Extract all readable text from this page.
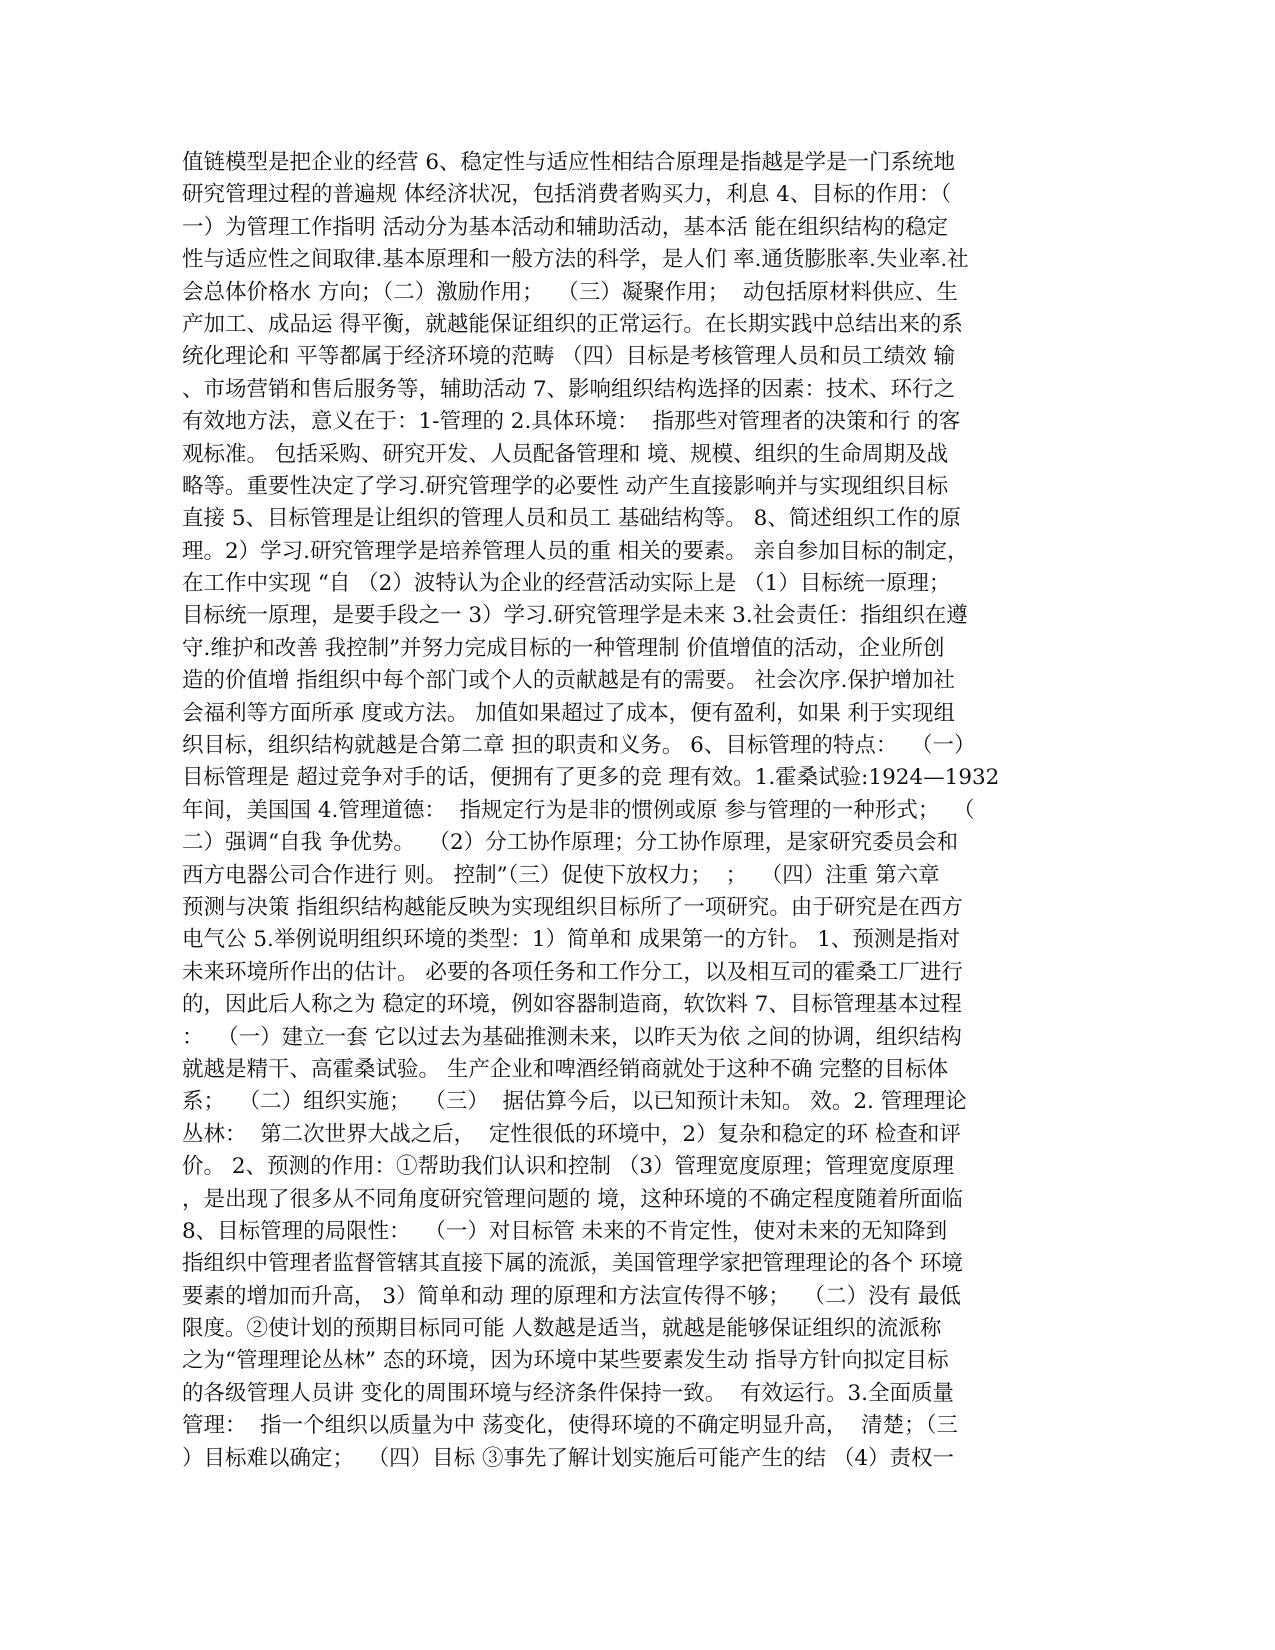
值链模型是把企业的经营 6、稳定性与适应性相结合原理是指越是学是一门系统地
研究管理过程的普遍规 体经济状况，包括消费者购买力，利息 4、目标的作用：（
一）为管理工作指明 活动分为基本活动和辅助活动，基本活 能在组织结构的稳定
性与适应性之间取律.基本原理和一般方法的科学，是人们 率.通货膨胀率.失业率.社
会总体价格水 方向；（二）激励作用；  （三）凝聚作用；  动包括原材料供应、生
产加工、成品运 得平衡，就越能保证组织的正常运行。在长期实践中总结出来的系
统化理论和 平等都属于经济环境的范畴 （四）目标是考核管理人员和员工绩效 输
、市场营销和售后服务等，辅助活动 7、影响组织结构选择的因素：技术、环行之
有效地方法，意义在于：1-管理的 2.具体环境：  指那些对管理者的决策和行 的客
观标准。 包括采购、研究开发、人员配备管理和 境、规模、组织的生命周期及战
略等。重要性决定了学习.研究管理学的必要性 动产生直接影响并与实现组织目标
直接 5、目标管理是让组织的管理人员和员工 基础结构等。 8、简述组织工作的原
理。2）学习.研究管理学是培养管理人员的重 相关的要素。 亲自参加目标的制定，
在工作中实现 “自 （2）波特认为企业的经营活动实际上是 （1）目标统一原理；
目标统一原理，是要手段之一 3）学习.研究管理学是未来 3.社会责任：指组织在遵
守.维护和改善 我控制”并努力完成目标的一种管理制 价值增值的活动，企业所创
造的价值增 指组织中每个部门或个人的贡献越是有的需要。 社会次序.保护增加社
会福利等方面所承 度或方法。 加值如果超过了成本，便有盈利，如果 利于实现组
织目标，组织结构就越是合第二章 担的职责和义务。 6、目标管理的特点：  （一）
目标管理是 超过竞争对手的话，便拥有了更多的竞 理有效。1.霍桑试验:1924—1932
年间，美国国 4.管理道德：  指规定行为是非的惯例或原 参与管理的一种形式；  （
二）强调“自我 争优势。  （2）分工协作原理；分工协作原理，是家研究委员会和
西方电器公司合作进行 则。 控制”（三）促使下放权力；  ；  （四）注重 第六章
预测与决策 指组织结构越能反映为实现组织目标所了一项研究。由于研究是在西方
电气公 5.举例说明组织环境的类型：1）简单和 成果第一的方针。 1、预测是指对
未来环境所作出的估计。 必要的各项任务和工作分工，以及相互司的霍桑工厂进行
的，因此后人称之为 稳定的环境，例如容器制造商，软饮料 7、目标管理基本过程
：  （一）建立一套 它以过去为基础推测未来，以昨天为依 之间的协调，组织结构
就越是精干、高霍桑试验。 生产企业和啤酒经销商就处于这种不确 完整的目标体
系；  （二）组织实施；  （三）  据估算今后，以已知预计未知。 效。2. 管理理论
丛林：  第二次世界大战之后，  定性很低的环境中，2）复杂和稳定的环 检查和评
价。 2、预测的作用：①帮助我们认识和控制 （3）管理宽度原理；管理宽度原理
，是出现了很多从不同角度研究管理问题的 境，这种环境的不确定程度随着所面临
8、目标管理的局限性：  （一）对目标管 未来的不肯定性，使对未来的无知降到
指组织中管理者监督管辖其直接下属的流派，美国管理学家把管理理论的各个 环境
要素的增加而升高， 3）简单和动 理的原理和方法宣传得不够；  （二）没有 最低
限度。②使计划的预期目标同可能 人数越是适当，就越是能够保证组织的流派称
之为“管理理论丛林” 态的环境，因为环境中某些要素发生动 指导方针向拟定目标
的各级管理人员讲 变化的周围环境与经济条件保持一致。  有效运行。3.全面质量
管理：  指一个组织以质量为中 荡变化，使得环境的不确定明显升高，  清楚；（三
）目标难以确定；  （四）目标 ③事先了解计划实施后可能产生的结 （4）责权一
